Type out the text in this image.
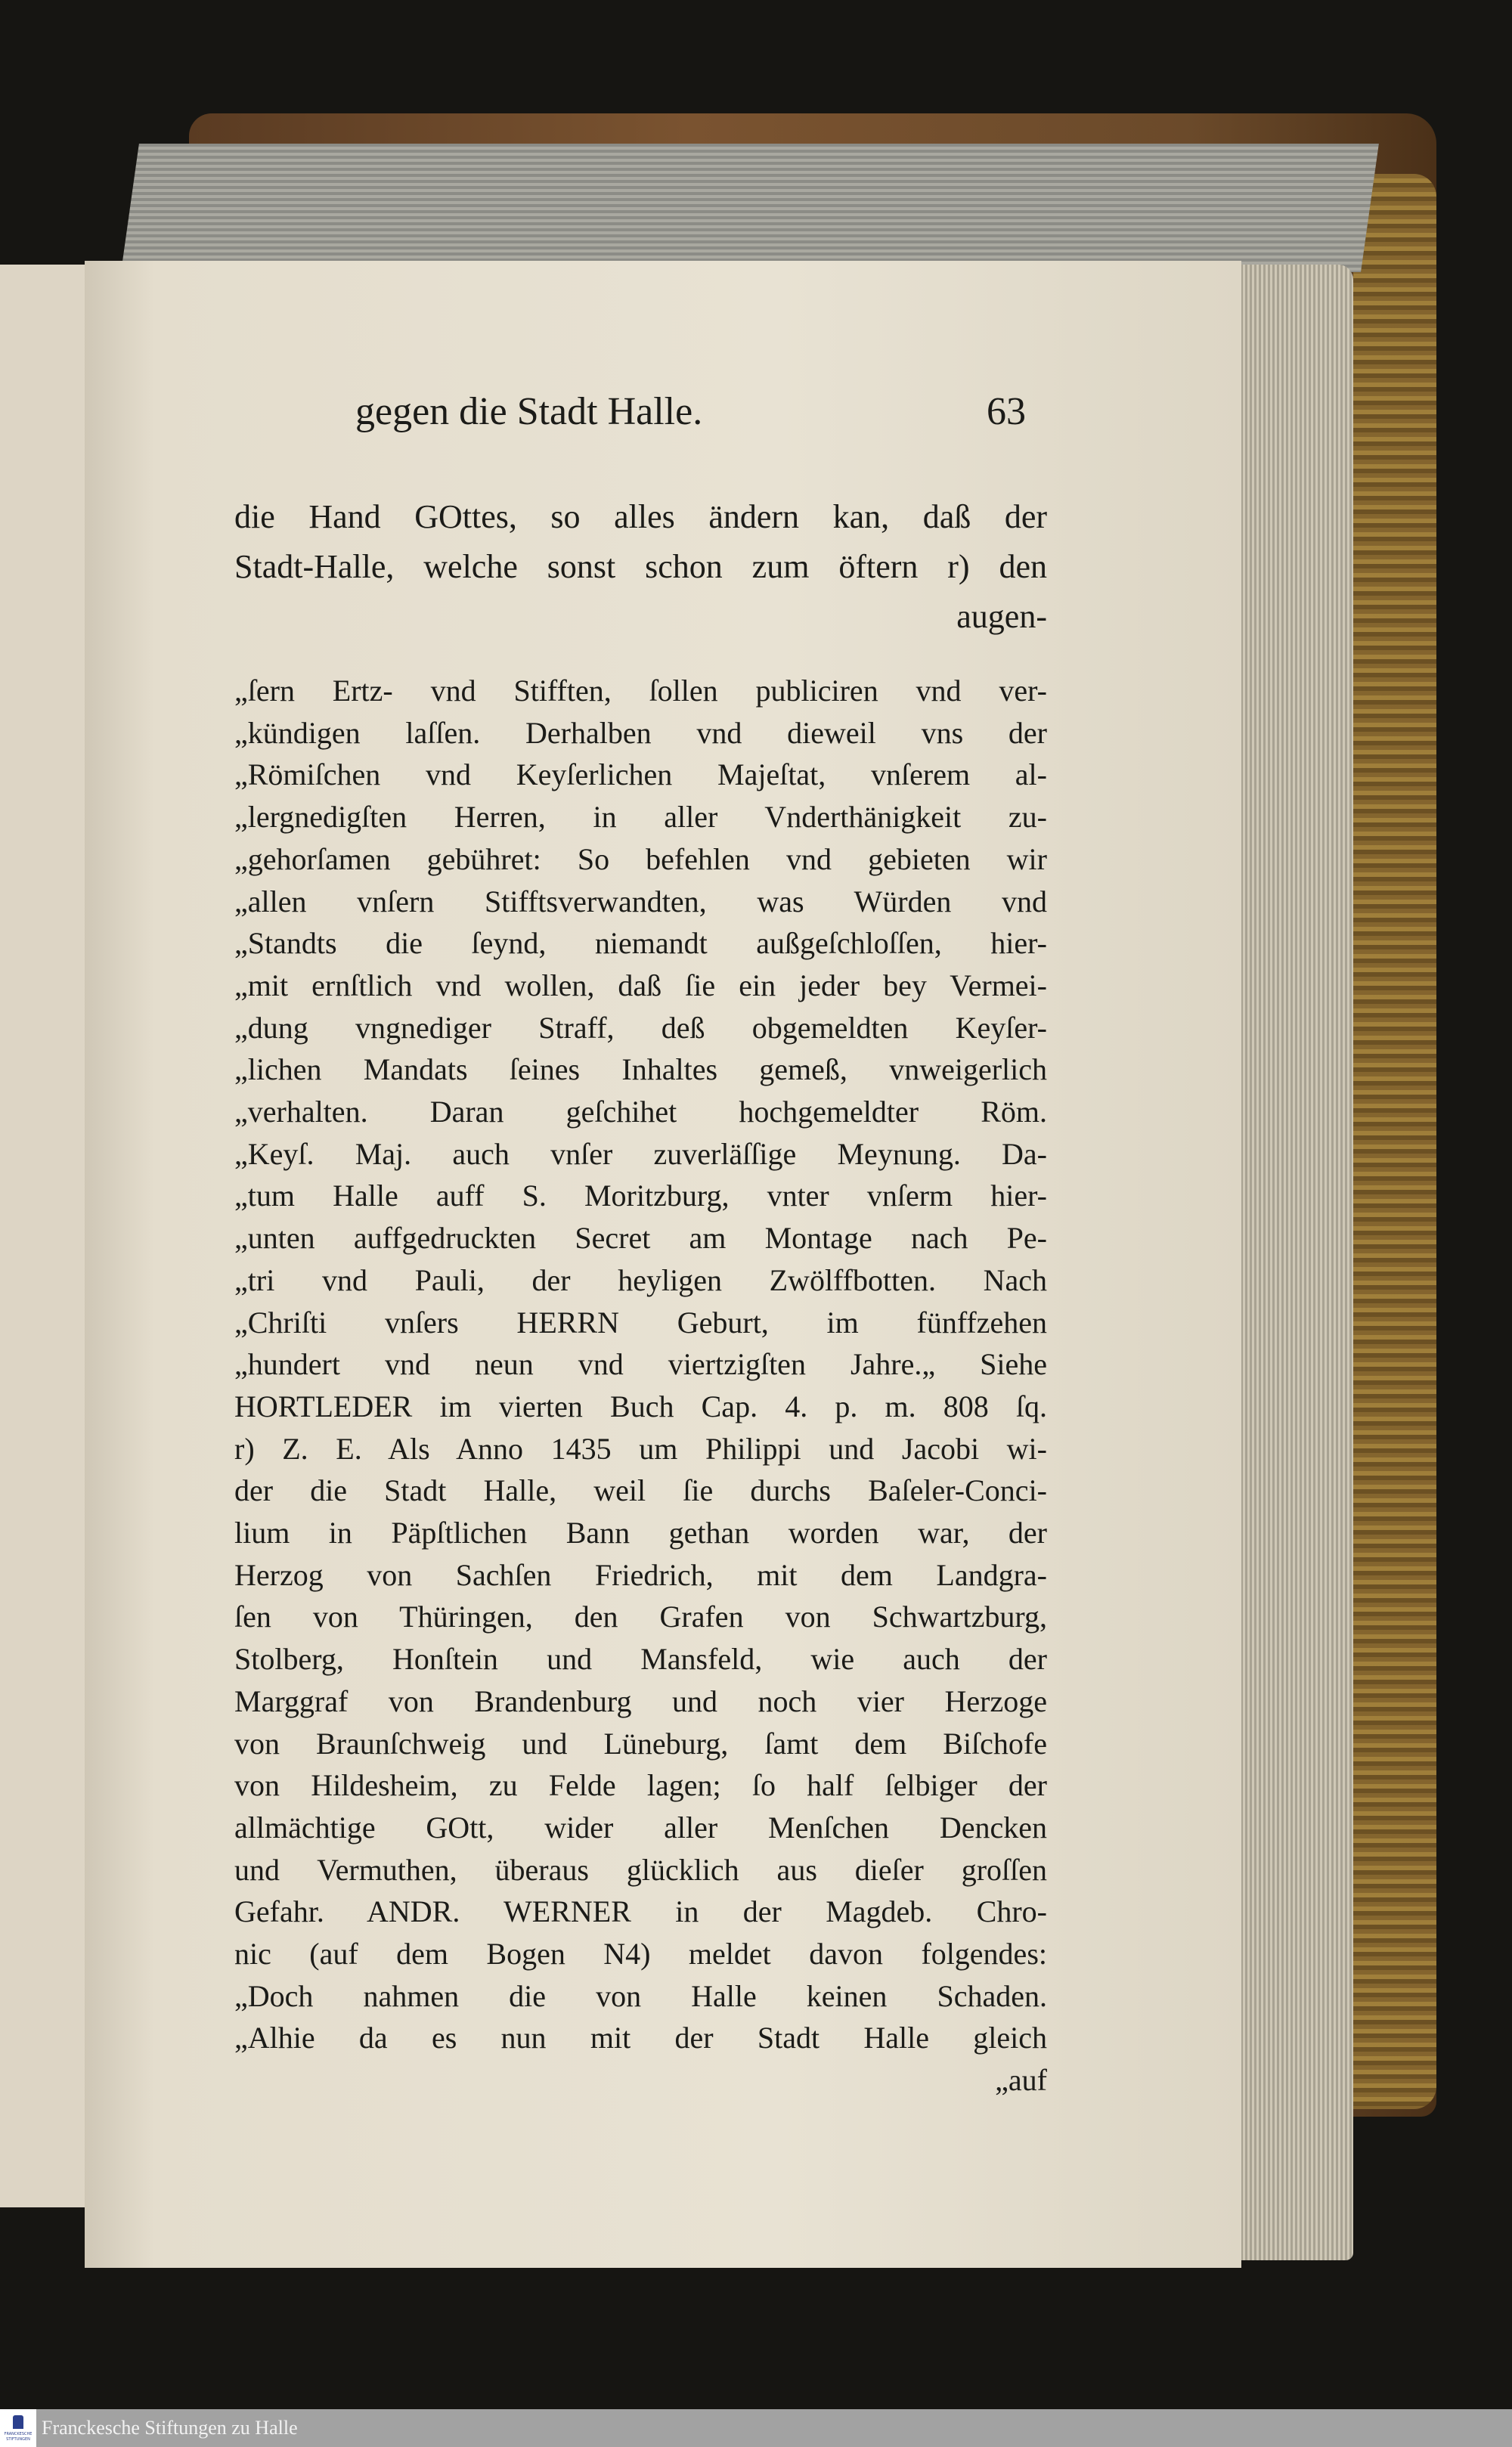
gegen die Stadt Halle.	63
die Hand GOttes, so alles ändern kan, daß der
Stadt-Halle, welche sonst schon zum öftern r) den
augen-
„ſern Ertz- vnd Stifften, ſollen publiciren vnd ver-
„kündigen laſſen. Derhalben vnd dieweil vns der
„Römiſchen vnd Keyſerlichen Majeſtat, vnſerem al-
„lergnedigſten Herren, in aller Vnderthänigkeit zu-
„gehorſamen gebühret: So befehlen vnd gebieten wir
„allen vnſern Stifftsverwandten, was Würden vnd
„Standts die ſeynd, niemandt außgeſchloſſen, hier-
„mit ernſtlich vnd wollen, daß ſie ein jeder bey Vermei-
„dung vngnediger Straff, deß obgemeldten Keyſer-
„lichen Mandats ſeines Inhaltes gemeß, vnweigerlich
„verhalten. Daran geſchihet hochgemeldter Röm.
„Keyſ. Maj. auch vnſer zuverläſſige Meynung. Da-
„tum Halle auff S. Moritzburg, vnter vnſerm hier-
„unten auffgedruckten Secret am Montage nach Pe-
„tri vnd Pauli, der heyligen Zwölffbotten. Nach
„Chriſti vnſers HERRN Geburt, im fünffzehen
„hundert vnd neun vnd viertzigſten Jahre.„ Siehe
HORTLEDER im vierten Buch Cap. 4. p. m. 808 ſq.
r) Z. E. Als Anno 1435 um Philippi und Jacobi wi-
der die Stadt Halle, weil ſie durchs Baſeler-Conci-
lium in Päpſtlichen Bann gethan worden war, der
Herzog von Sachſen Friedrich, mit dem Landgra-
ſen von Thüringen, den Grafen von Schwartzburg,
Stolberg, Honſtein und Mansfeld, wie auch der
Marggraf von Brandenburg und noch vier Herzoge
von Braunſchweig und Lüneburg, ſamt dem Biſchofe
von Hildesheim, zu Felde lagen; ſo half ſelbiger der
allmächtige GOtt, wider aller Menſchen Dencken
und Vermuthen, überaus glücklich aus dieſer groſſen
Gefahr. ANDR. WERNER in der Magdeb. Chro-
nic (auf dem Bogen N4) meldet davon folgendes:
„Doch nahmen die von Halle keinen Schaden.
„Alhie da es nun mit der Stadt Halle gleich
„auf
FRANCKESCHE STIFTUNGEN
Franckesche Stiftungen zu Halle
